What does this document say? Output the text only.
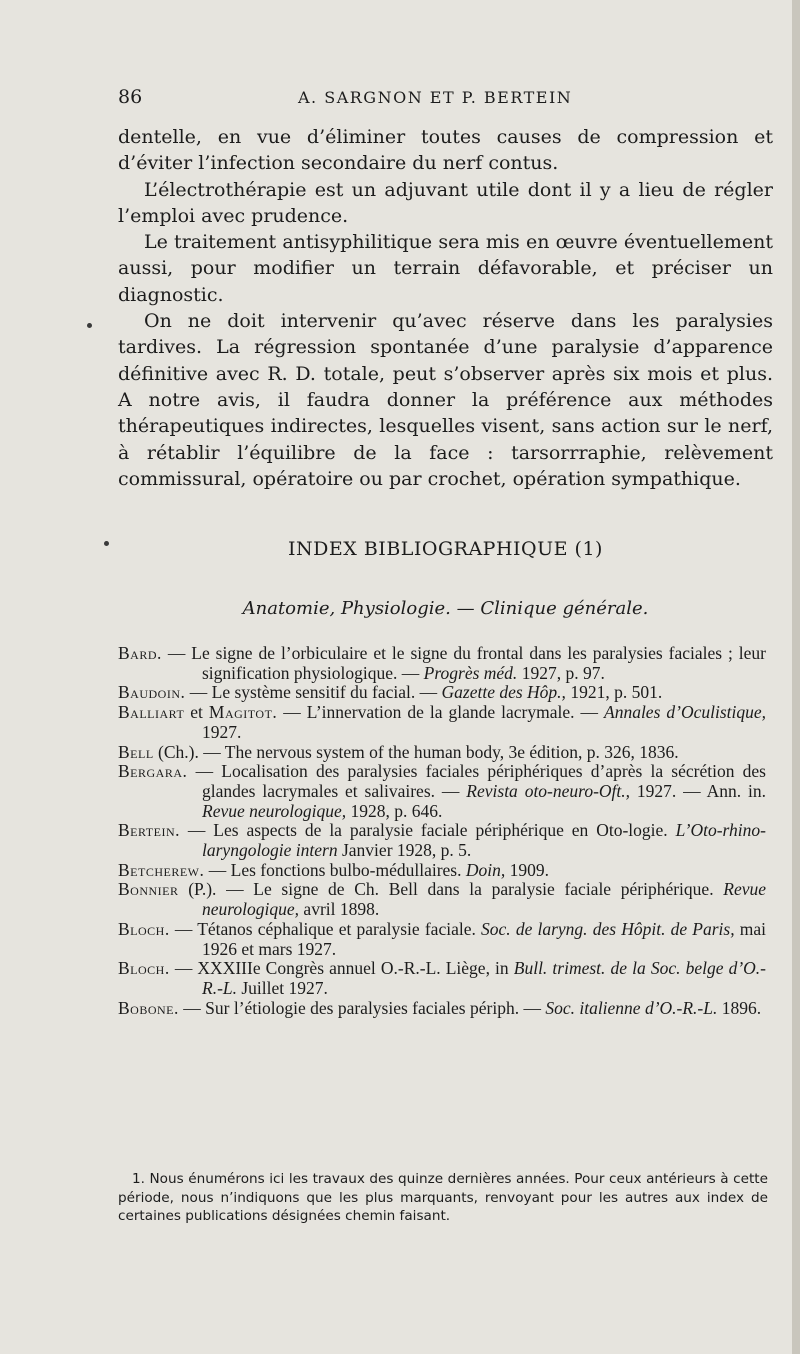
86	A. SARGNON ET P. BERTEIN

dentelle, en vue d’éliminer toutes causes de compression et d’éviter l’infection secondaire du nerf contus.

L’électrothérapie est un adjuvant utile dont il y a lieu de régler l’emploi avec prudence.

Le traitement antisyphilitique sera mis en œuvre éventuellement aussi, pour modifier un terrain défavorable, et préciser un diagnostic.

On ne doit intervenir qu’avec réserve dans les paralysies tardives. La régression spontanée d’une paralysie d’apparence définitive avec R. D. totale, peut s’observer après six mois et plus. A notre avis, il faudra donner la préférence aux méthodes thérapeutiques indirectes, lesquelles visent, sans action sur le nerf, à rétablir l’équilibre de la face : tarsorrraphie, relèvement commissural, opératoire ou par crochet, opération sympathique.

INDEX BIBLIOGRAPHIQUE (1)
Anatomie, Physiologie. — Clinique générale.

Bard. — Le signe de l’orbiculaire et le signe du frontal dans les paralysies faciales ; leur signification physiologique. — Progrès méd. 1927, p. 97.

Baudoin. — Le système sensitif du facial. — Gazette des Hôp., 1921, p. 501.

Balliart et Magitot. — L’innervation de la glande lacrymale. — Annales d’Oculistique, 1927.

Bell (Ch.). — The nervous system of the human body, 3e édition, p. 326, 1836.

Bergara. — Localisation des paralysies faciales périphériques d’après la sécrétion des glandes lacrymales et salivaires. — Revista oto-neuro-Oft., 1927. — Ann. in. Revue neurologique, 1928, p. 646.

Bertein. — Les aspects de la paralysie faciale périphérique en Oto-logie. L’Oto-rhino-laryngologie intern Janvier 1928, p. 5.

Betcherew. — Les fonctions bulbo-médullaires. Doin, 1909.

Bonnier (P.). — Le signe de Ch. Bell dans la paralysie faciale périphérique. Revue neurologique, avril 1898.

Bloch. — Tétanos céphalique et paralysie faciale. Soc. de laryng. des Hôpit. de Paris, mai 1926 et mars 1927.

Bloch. — XXXIIIe Congrès annuel O.-R.-L. Liège, in Bull. trimest. de la Soc. belge d’O.-R.-L. Juillet 1927.

Bobone. — Sur l’étiologie des paralysies faciales périph. — Soc. italienne d’O.-R.-L. 1896.

1. Nous énumérons ici les travaux des quinze dernières années. Pour ceux antérieurs à cette période, nous n’indiquons que les plus marquants, renvoyant pour les autres aux index de certaines publications désignées chemin faisant.
